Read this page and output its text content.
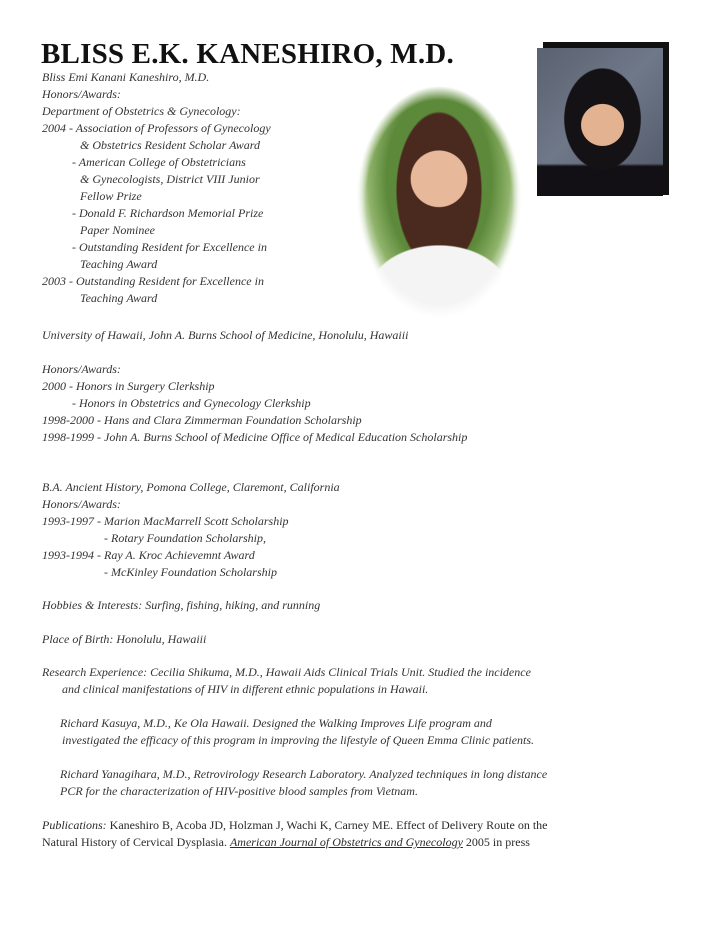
BLISS E.K. KANESHIRO, M.D.
Bliss Emi Kanani Kaneshiro, M.D.
Honors/Awards:
Department of Obstetrics & Gynecology:
2004 - Association of Professors of Gynecology
& Obstetrics Resident Scholar Award
- American College of Obstetricians
& Gynecologists, District VIII Junior
Fellow Prize
- Donald F. Richardson Memorial Prize
Paper Nominee
- Outstanding Resident for Excellence in
Teaching Award
2003 - Outstanding Resident for Excellence in
Teaching Award
University of Hawaii, John A. Burns School of Medicine, Honolulu, Hawaiii
Honors/Awards:
2000 - Honors in Surgery Clerkship
- Honors in Obstetrics and Gynecology Clerkship
1998-2000 - Hans and Clara Zimmerman Foundation Scholarship
1998-1999 - John A. Burns School of Medicine Office of Medical Education Scholarship
B.A. Ancient History, Pomona College, Claremont, California
Honors/Awards:
1993-1997 - Marion MacMarrell Scott Scholarship
- Rotary Foundation Scholarship,
1993-1994 - Ray A. Kroc Achievemnt Award
- McKinley Foundation Scholarship
Hobbies & Interests: Surfing, fishing, hiking, and running
Place of Birth: Honolulu, Hawaiii
Research Experience: Cecilia Shikuma, M.D., Hawaii Aids Clinical Trials Unit. Studied the incidence
and clinical manifestations of HIV in different ethnic populations in Hawaii.
Richard Kasuya, M.D., Ke Ola Hawaii. Designed the Walking Improves Life program and
investigated the efficacy of this program in improving the lifestyle of Queen Emma Clinic patients.
Richard Yanagihara, M.D., Retrovirology Research Laboratory. Analyzed techniques in long distance
PCR for the characterization of HIV-positive blood samples from Vietnam.
Publications: Kaneshiro B, Acoba JD, Holzman J, Wachi K, Carney ME. Effect of Delivery Route on the
Natural History of Cervical Dysplasia. American Journal of Obstetrics and Gynecology 2005 in press
